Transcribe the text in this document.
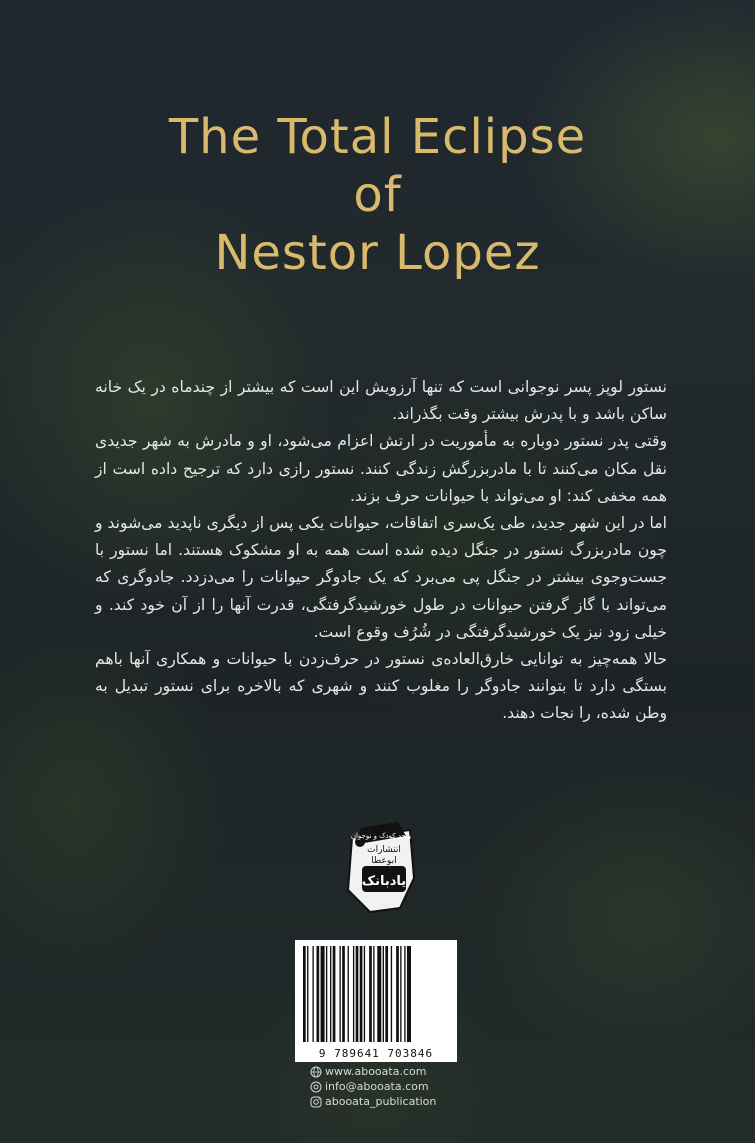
The Total Eclipse
of
Nestor Lopez

نستور لوپز پسر نوجوانی است که تنها آرزویش این است که بیشتر از چندماه در یک خانه ساکن باشد و با پدرش بیشتر وقت بگذراند.

وقتی پدر نستور دوباره به مأموریت در ارتش اعزام می‌شود، او و مادرش به شهر جدیدی نقل مکان می‌کنند تا با مادربزرگش زندگی کنند. نستور رازی دارد که ترجیح داده است از همه مخفی کند: او می‌تواند با حیوانات حرف بزند.

اما در این شهر جدید، طی یک‌سری اتفاقات، حیوانات یکی پس از دیگری ناپدید می‌شوند و چون مادربزرگ نستور در جنگل دیده شده است همه به او مشکوک هستند. اما نستور با جست‌وجوی بیشتر در جنگل پی می‌برد که یک جادوگر حیوانات را می‌دزدد. جادوگری که می‌تواند با گاز گرفتن حیوانات در طول خورشیدگرفتگی، قدرت آنها را از آن خود کند. و خیلی زود نیز یک خورشیدگرفتگی در شُرُف وقوع است.

حالا همه‌چیز به توانایی خارق‌العاده‌ی نستور در حرف‌زدن با حیوانات و همکاری آنها باهم بستگی دارد تا بتوانند جادوگر را مغلوب کنند و شهری که بالاخره برای نستور تبدیل به وطن شده، را نجات دهند.

واحد کودک و نوجوان
انتشارات
ابوعطا
یادبانک
9 789641 703846
www.abooata.com
info@abooata.com
abooata_publication
